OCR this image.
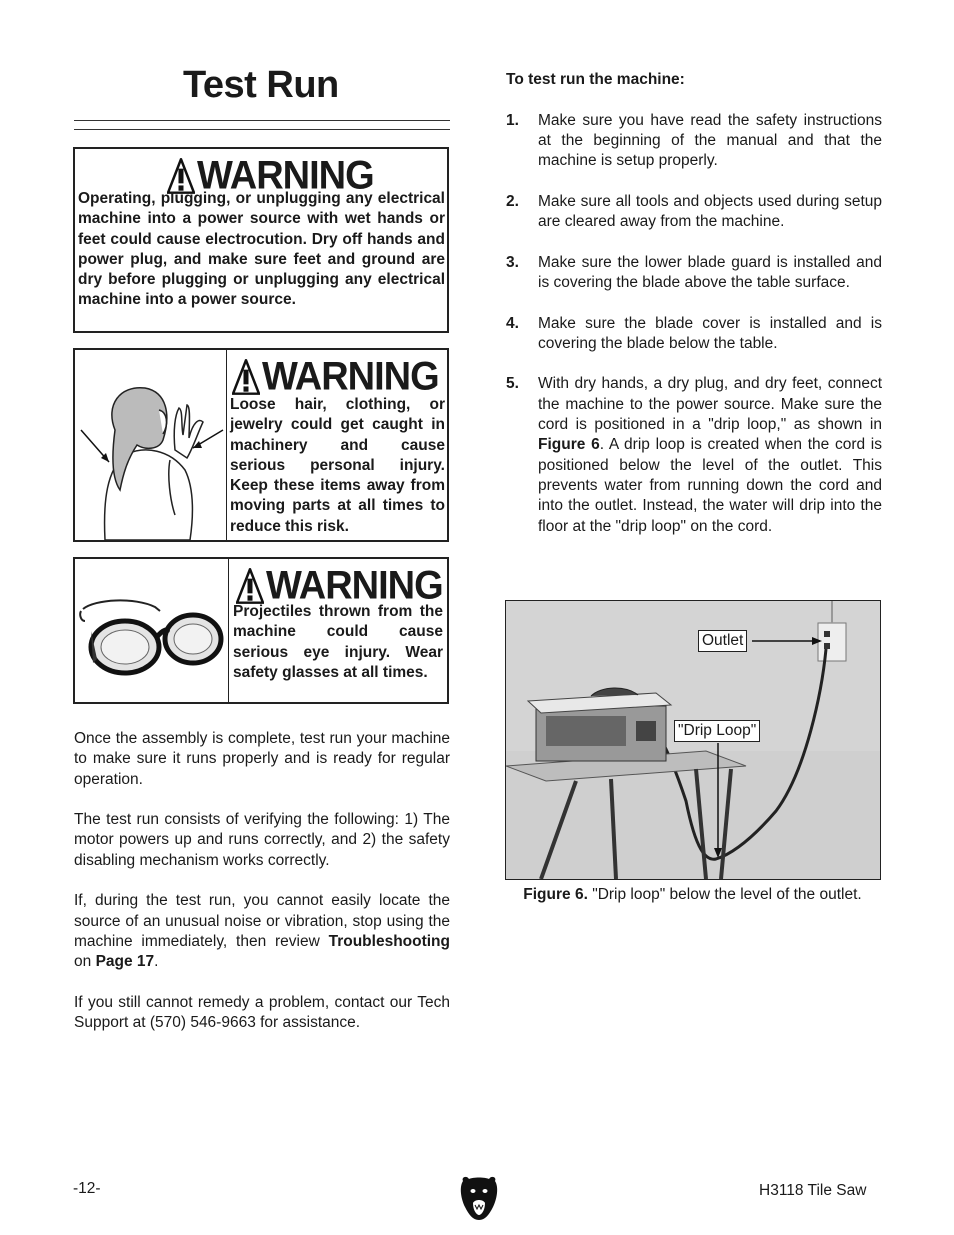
Test Run
WARNING
Operating, plugging, or unplugging any electrical machine into a power source with wet hands or feet could cause electrocution. Dry off hands and power plug, and make sure feet and ground are dry before plugging or unplugging any electrical machine into a power source.
WARNING
Loose hair, clothing, or jewelry could get caught in machinery and cause serious personal injury. Keep these items away from moving parts at all times to reduce this risk.
WARNING
Projectiles thrown from the machine could cause serious eye injury. Wear safety glasses at all times.

Once the assembly is complete, test run your machine to make sure it runs properly and is ready for regular operation.

The test run consists of verifying the following: 1) The motor powers up and runs correctly, and 2) the safety disabling mechanism works correctly.

If, during the test run, you cannot easily locate the source of an unusual noise or vibration, stop using the machine immediately, then review Troubleshooting on Page 17.

If you still cannot remedy a problem, contact our Tech Support at (570) 546-9663 for assistance.

To test run the machine:
1.	Make sure you have read the safety instructions at the beginning of the manual and that the machine is setup properly.
2.	Make sure all tools and objects used during setup are cleared away from the machine.
3.	Make sure the lower blade guard is installed and is covering the blade above the table surface.
4.	Make sure the blade cover is installed and is covering the blade below the table.
5.	With dry hands, a dry plug, and dry feet, connect the machine to the power source. Make sure the cord is positioned in a "drip loop," as shown in Figure 6. A drip loop is created when the cord is positioned below the level of the outlet. This prevents water from running down the cord and into the outlet. Instead, the water will drip into the floor at the "drip loop" on the cord.
Outlet
"Drip Loop"
Figure 6. "Drip loop" below the level of the outlet.
-12-	H3118 Tile Saw
